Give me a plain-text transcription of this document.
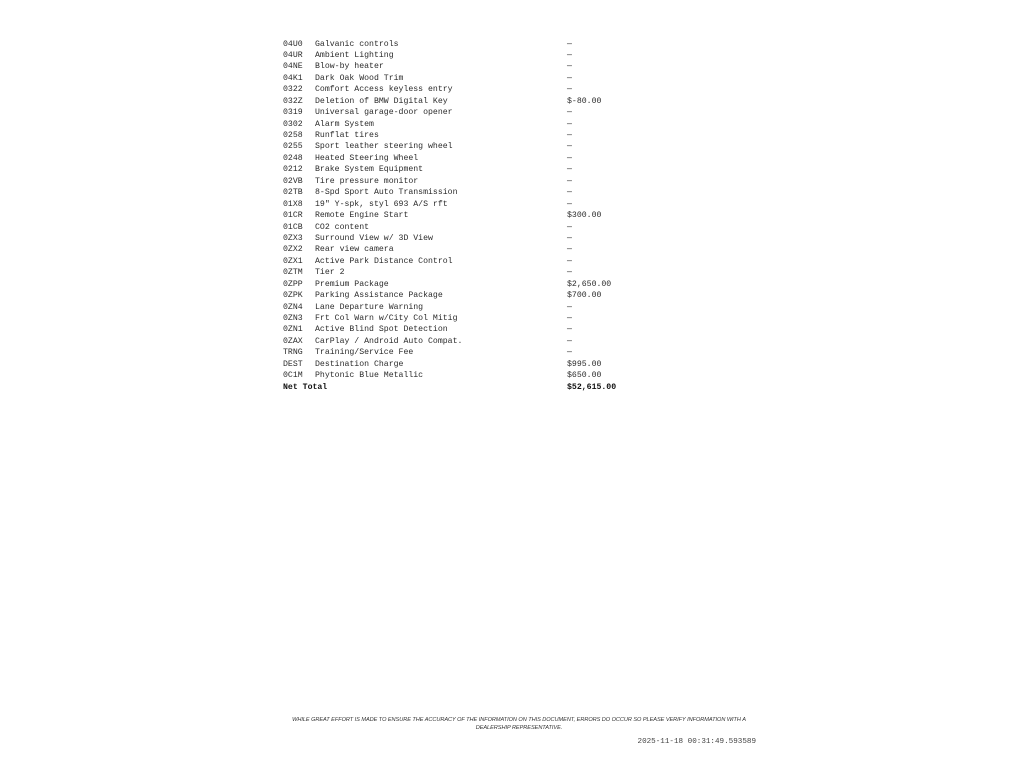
04U0	Galvanic controls	—
04UR	Ambient Lighting	—
04NE	Blow-by heater	—
04K1	Dark Oak Wood Trim	—
0322	Comfort Access keyless entry	—
032Z	Deletion of BMW Digital Key	$-80.00
0319	Universal garage-door opener	—
0302	Alarm System	—
0258	Runflat tires	—
0255	Sport leather steering wheel	—
0248	Heated Steering Wheel	—
0212	Brake System Equipment	—
02VB	Tire pressure monitor	—
02TB	8-Spd Sport Auto Transmission	—
01X8	19" Y-spk, styl 693 A/S rft	—
01CR	Remote Engine Start	$300.00
01CB	CO2 content	—
0ZX3	Surround View w/ 3D View	—
0ZX2	Rear view camera	—
0ZX1	Active Park Distance Control	—
0ZTM	Tier 2	—
0ZPP	Premium Package	$2,650.00
0ZPK	Parking Assistance Package	$700.00
0ZN4	Lane Departure Warning	—
0ZN3	Frt Col Warn w/City Col Mitig	—
0ZN1	Active Blind Spot Detection	—
0ZAX	CarPlay / Android Auto Compat.	—
TRNG	Training/Service Fee	—
DEST	Destination Charge	$995.00
0C1M	Phytonic Blue Metallic	$650.00
Net Total	$52,615.00
WHILE GREAT EFFORT IS MADE TO ENSURE THE ACCURACY OF THE INFORMATION ON THIS DOCUMENT, ERRORS DO OCCUR SO PLEASE VERIFY INFORMATION WITH A DEALERSHIP REPRESENTATIVE.
2025-11-18 00:31:49.593589
